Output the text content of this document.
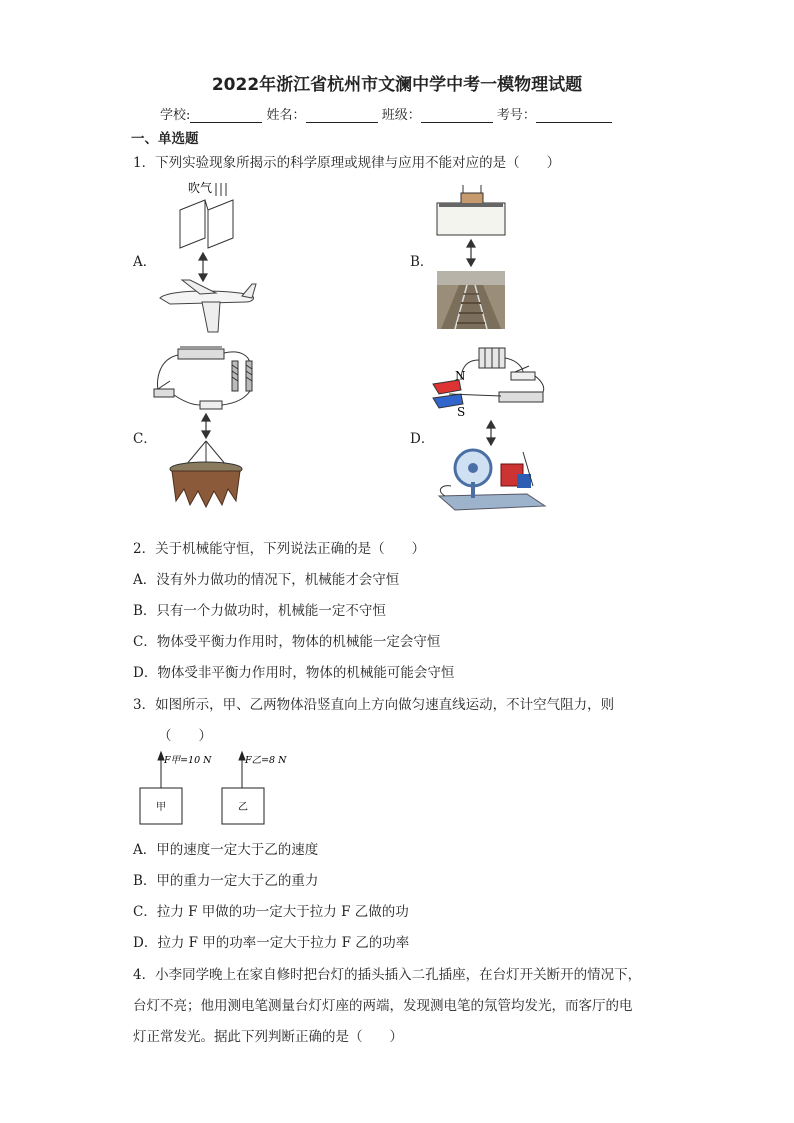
2022年浙江省杭州市文澜中学中考一模物理试题
学校:	姓名：	班级：	考号：
一、单选题
1．下列实验现象所揭示的科学原理或规律与应用不能对应的是（　　）
A．	B．
C．	D．
吹气
N
S
2．关于机械能守恒，下列说法正确的是（　　）
A．没有外力做功的情况下，机械能才会守恒
B．只有一个力做功时，机械能一定不守恒
C．物体受平衡力作用时，物体的机械能一定会守恒
D．物体受非平衡力作用时，物体的机械能可能会守恒
3．如图所示，甲、乙两物体沿竖直向上方向做匀速直线运动，不计空气阻力，则
（　　）
F甲=10 N	F乙=8 N
甲	乙
A．甲的速度一定大于乙的速度
B．甲的重力一定大于乙的重力
C．拉力 F 甲做的功一定大于拉力 F 乙做的功
D．拉力 F 甲的功率一定大于拉力 F 乙的功率
4．小李同学晚上在家自修时把台灯的插头插入二孔插座，在台灯开关断开的情况下，
台灯不亮；他用测电笔测量台灯灯座的两端，发现测电笔的氖管均发光，而客厅的电
灯正常发光。据此下列判断正确的是（　　）
